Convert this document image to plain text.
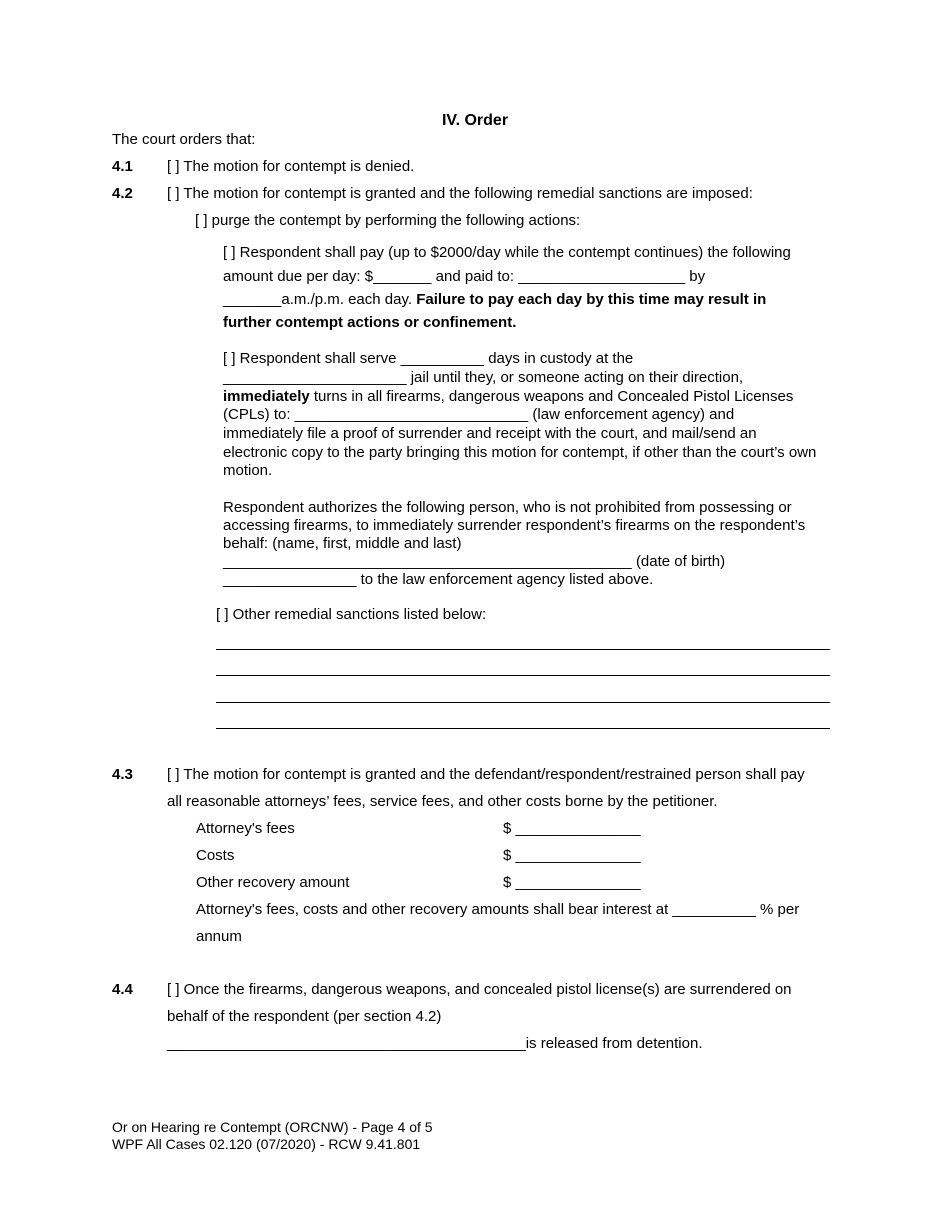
IV. Order
The court orders that:
4.1 [ ] The motion for contempt is denied.
4.2 [ ] The motion for contempt is granted and the following remedial sanctions are imposed:
[ ] purge the contempt by performing the following actions:
[ ] Respondent shall pay (up to $2000/day while the contempt continues) the following
amount due per day: $_______ and paid to: ____________________ by
_______a.m./p.m. each day. Failure to pay each day by this time may result in
further contempt actions or confinement.
[ ] Respondent shall serve __________ days in custody at the
______________________ jail until they, or someone acting on their direction,
immediately turns in all firearms, dangerous weapons and Concealed Pistol Licenses
(CPLs) to: ____________________________ (law enforcement agency) and
immediately file a proof of surrender and receipt with the court, and mail/send an
electronic copy to the party bringing this motion for contempt, if other than the court’s own
motion.
Respondent authorizes the following person, who is not prohibited from possessing or
accessing firearms, to immediately surrender respondent’s firearms on the respondent’s
behalf: (name, first, middle and last)
_________________________________________________ (date of birth)
________________ to the law enforcement agency listed above.
[ ] Other remedial sanctions listed below:
4.3 [ ] The motion for contempt is granted and the defendant/respondent/restrained person shall pay
all reasonable attorneys’ fees, service fees, and other costs borne by the petitioner.
Attorney's fees	$ _______________
Costs	$ _______________
Other recovery amount	$ _______________
Attorney's fees, costs and other recovery amounts shall bear interest at __________ % per
annum
4.4 [ ] Once the firearms, dangerous weapons, and concealed pistol license(s) are surrendered on
behalf of the respondent (per section 4.2)
___________________________________________is released from detention.
Or on Hearing re Contempt (ORCNW) - Page 4 of 5
WPF All Cases 02.120 (07/2020) - RCW 9.41.801
